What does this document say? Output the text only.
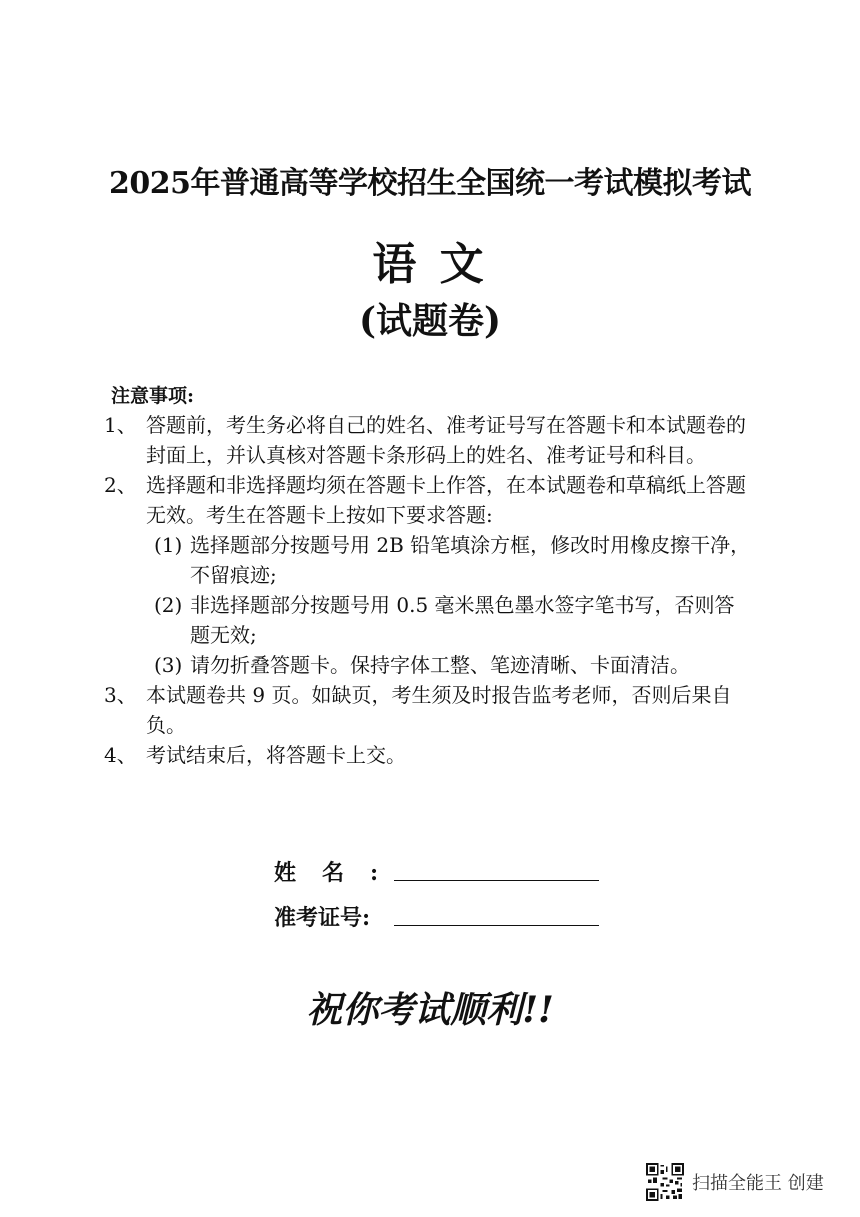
2025年普通高等学校招生全国统一考试模拟考试
语 文
(试题卷)
注意事项:
1、 答题前，考生务必将自己的姓名、准考证号写在答题卡和本试题卷的封面上，并认真核对答题卡条形码上的姓名、准考证号和科目。
2、 选择题和非选择题均须在答题卡上作答，在本试题卷和草稿纸上答题无效。考生在答题卡上按如下要求答题:
(1) 选择题部分按题号用 2B 铅笔填涂方框，修改时用橡皮擦干净，不留痕迹;
(2) 非选择题部分按题号用 0.5 毫米黑色墨水签字笔书写，否则答题无效;
(3) 请勿折叠答题卡。保持字体工整、笔迹清晰、卡面清洁。
3、 本试题卷共 9 页。如缺页，考生须及时报告监考老师，否则后果自负。
4、 考试结束后，将答题卡上交。
姓名:
准考证号:
祝你考试顺利!!
扫描全能王 创建
